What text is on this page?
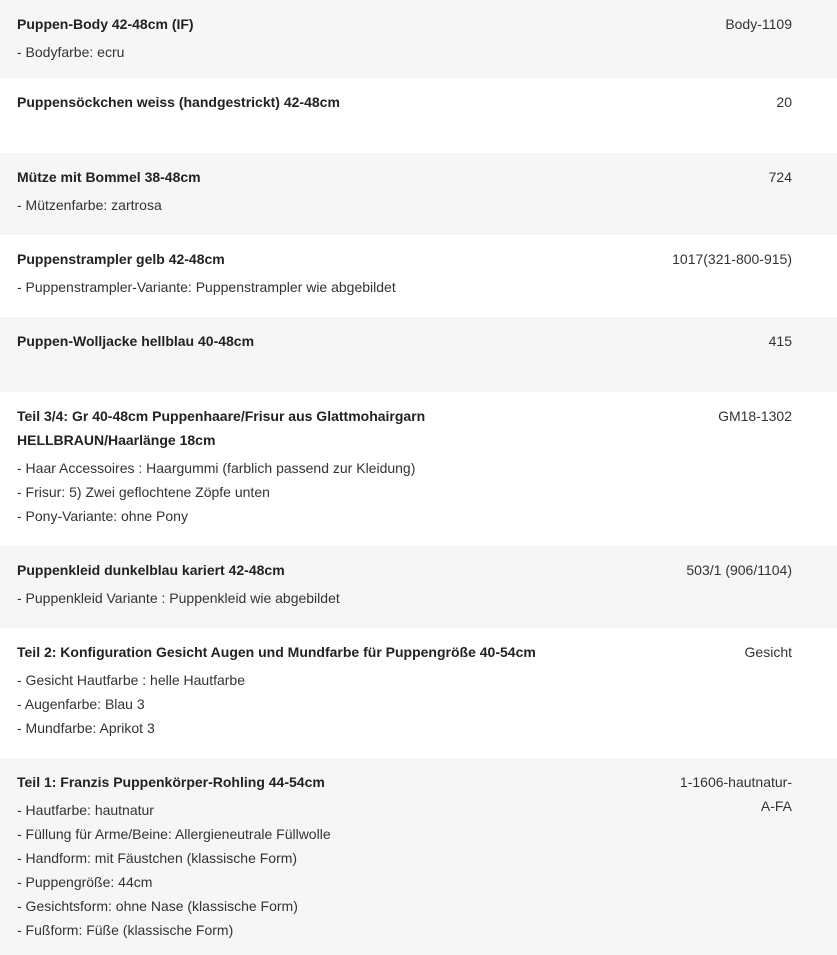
Puppen-Body 42-48cm (IF)
- Bodyfarbe: ecru
Body-1109
Puppensöckchen weiss (handgestrickt) 42-48cm	20
Mütze mit Bommel 38-48cm
- Mützenfarbe: zartrosa
724
Puppenstrampler gelb 42-48cm
- Puppenstrampler-Variante: Puppenstrampler wie abgebildet
1017(321-800-915)
Puppen-Wolljacke hellblau 40-48cm	415
Teil 3/4: Gr 40-48cm Puppenhaare/Frisur aus Glattmohairgarn
HELLBRAUN/Haarlänge 18cm
- Haar Accessoires : Haargummi (farblich passend zur Kleidung)
- Frisur: 5) Zwei geflochtene Zöpfe unten
- Pony-Variante: ohne Pony
GM18-1302
Puppenkleid dunkelblau kariert 42-48cm
- Puppenkleid Variante : Puppenkleid wie abgebildet
503/1 (906/1104)
Teil 2: Konfiguration Gesicht Augen und Mundfarbe für Puppengröße 40-54cm
- Gesicht Hautfarbe : helle Hautfarbe
- Augenfarbe: Blau 3
- Mundfarbe: Aprikot 3
Gesicht
Teil 1: Franzis Puppenkörper-Rohling 44-54cm
- Hautfarbe: hautnatur
- Füllung für Arme/Beine: Allergieneutrale Füllwolle
- Handform: mit Fäustchen (klassische Form)
- Puppengröße: 44cm
- Gesichtsform: ohne Nase (klassische Form)
- Fußform: Füße (klassische Form)
1-1606-hautnatur-
A-FA
